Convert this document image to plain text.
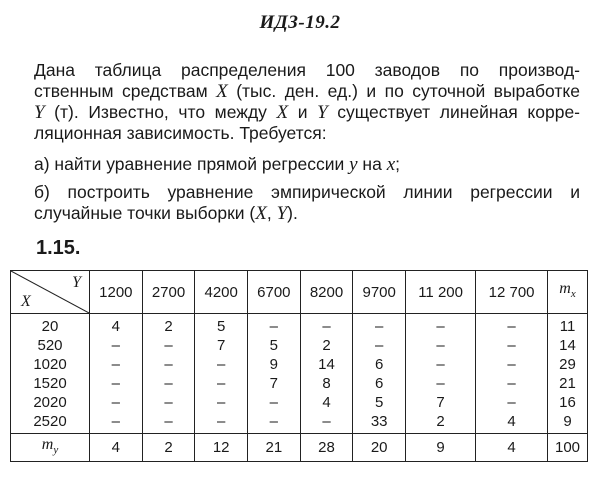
ИДЗ-19.2
Дана таблица распределения 100 заводов по производ-
ственным средствам X (тыс. ден. ед.) и по суточной выработке
Y (т). Известно, что между X и Y существует линейная корре-
ляционная зависимость. Требуется:
а) найти уравнение прямой регрессии y на x;
б) построить уравнение эмпирической линии регрессии и
случайные точки выборки (X, Y).
1.15.
Y
X	1200	2700	4200	6700	8200	9700	11 200	12 700	$m_x$
20	4	2	5	–	–	–	–	–	11
520	–	–	7	5	2	–	–	–	14
1020	–	–	–	9	14	6	–	–	29
1520	–	–	–	7	8	6	–	–	21
2020	–	–	–	–	4	5	7	–	16
2520	–	–	–	–	–	33	2	4	9
$m_y$	4	2	12	21	28	20	9	4	100
